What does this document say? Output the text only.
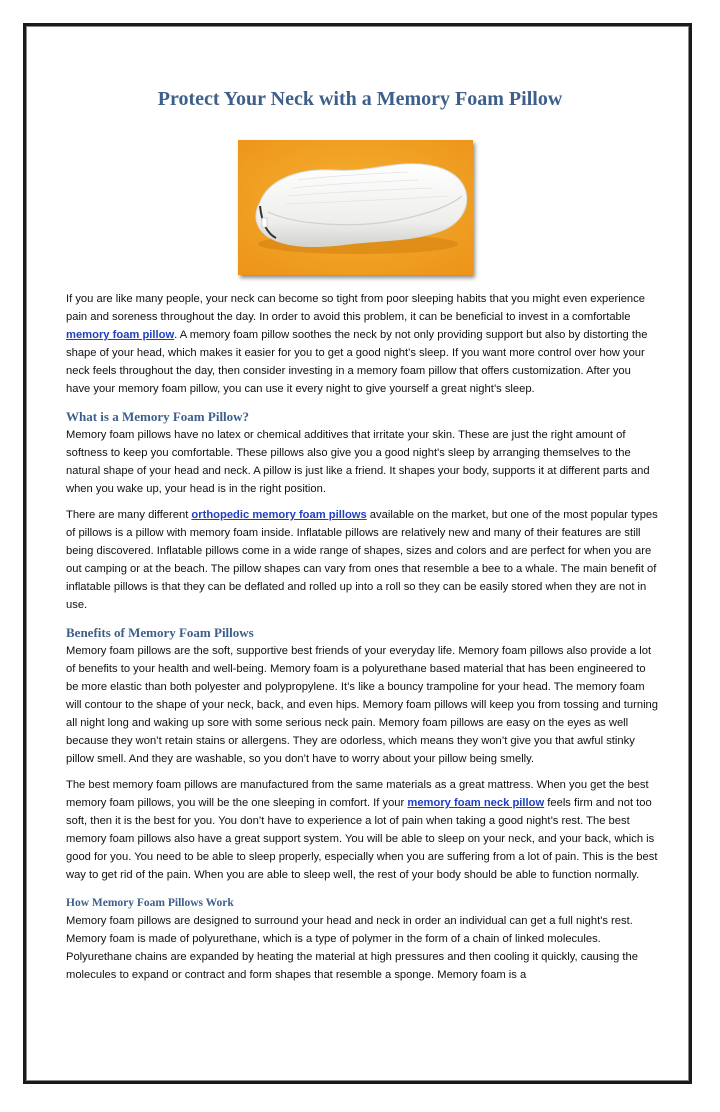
Protect Your Neck with a Memory Foam Pillow

If you are like many people, your neck can become so tight from poor sleeping habits that you might even experience pain and soreness throughout the day. In order to avoid this problem, it can be beneficial to invest in a comfortable memory foam pillow. A memory foam pillow soothes the neck by not only providing support but also by distorting the shape of your head, which makes it easier for you to get a good night’s sleep. If you want more control over how your neck feels throughout the day, then consider investing in a memory foam pillow that offers customization. After you have your memory foam pillow, you can use it every night to give yourself a great night’s sleep.

What is a Memory Foam Pillow?

Memory foam pillows have no latex or chemical additives that irritate your skin. These are just the right amount of softness to keep you comfortable. These pillows also give you a good night's sleep by arranging themselves to the natural shape of your head and neck. A pillow is just like a friend. It shapes your body, supports it at different parts and when you wake up, your head is in the right position.

There are many different orthopedic memory foam pillows available on the market, but one of the most popular types of pillows is a pillow with memory foam inside. Inflatable pillows are relatively new and many of their features are still being discovered. Inflatable pillows come in a wide range of shapes, sizes and colors and are perfect for when you are out camping or at the beach. The pillow shapes can vary from ones that resemble a bee to a whale. The main benefit of inflatable pillows is that they can be deflated and rolled up into a roll so they can be easily stored when they are not in use.

Benefits of Memory Foam Pillows

Memory foam pillows are the soft, supportive best friends of your everyday life. Memory foam pillows also provide a lot of benefits to your health and well-being. Memory foam is a polyurethane based material that has been engineered to be more elastic than both polyester and polypropylene. It’s like a bouncy trampoline for your head. The memory foam will contour to the shape of your neck, back, and even hips. Memory foam pillows will keep you from tossing and turning all night long and waking up sore with some serious neck pain. Memory foam pillows are easy on the eyes as well because they won’t retain stains or allergens. They are odorless, which means they won’t give you that awful stinky pillow smell. And they are washable, so you don’t have to worry about your pillow being smelly.

The best memory foam pillows are manufactured from the same materials as a great mattress. When you get the best memory foam pillows, you will be the one sleeping in comfort. If your memory foam neck pillow feels firm and not too soft, then it is the best for you. You don’t have to experience a lot of pain when taking a good night’s rest. The best memory foam pillows also have a great support system. You will be able to sleep on your neck, and your back, which is good for you. You need to be able to sleep properly, especially when you are suffering from a lot of pain. This is the best way to get rid of the pain. When you are able to sleep well, the rest of your body should be able to function normally.

How Memory Foam Pillows Work

Memory foam pillows are designed to surround your head and neck in order an individual can get a full night's rest. Memory foam is made of polyurethane, which is a type of polymer in the form of a chain of linked molecules. Polyurethane chains are expanded by heating the material at high pressures and then cooling it quickly, causing the molecules to expand or contract and form shapes that resemble a sponge. Memory foam is a
